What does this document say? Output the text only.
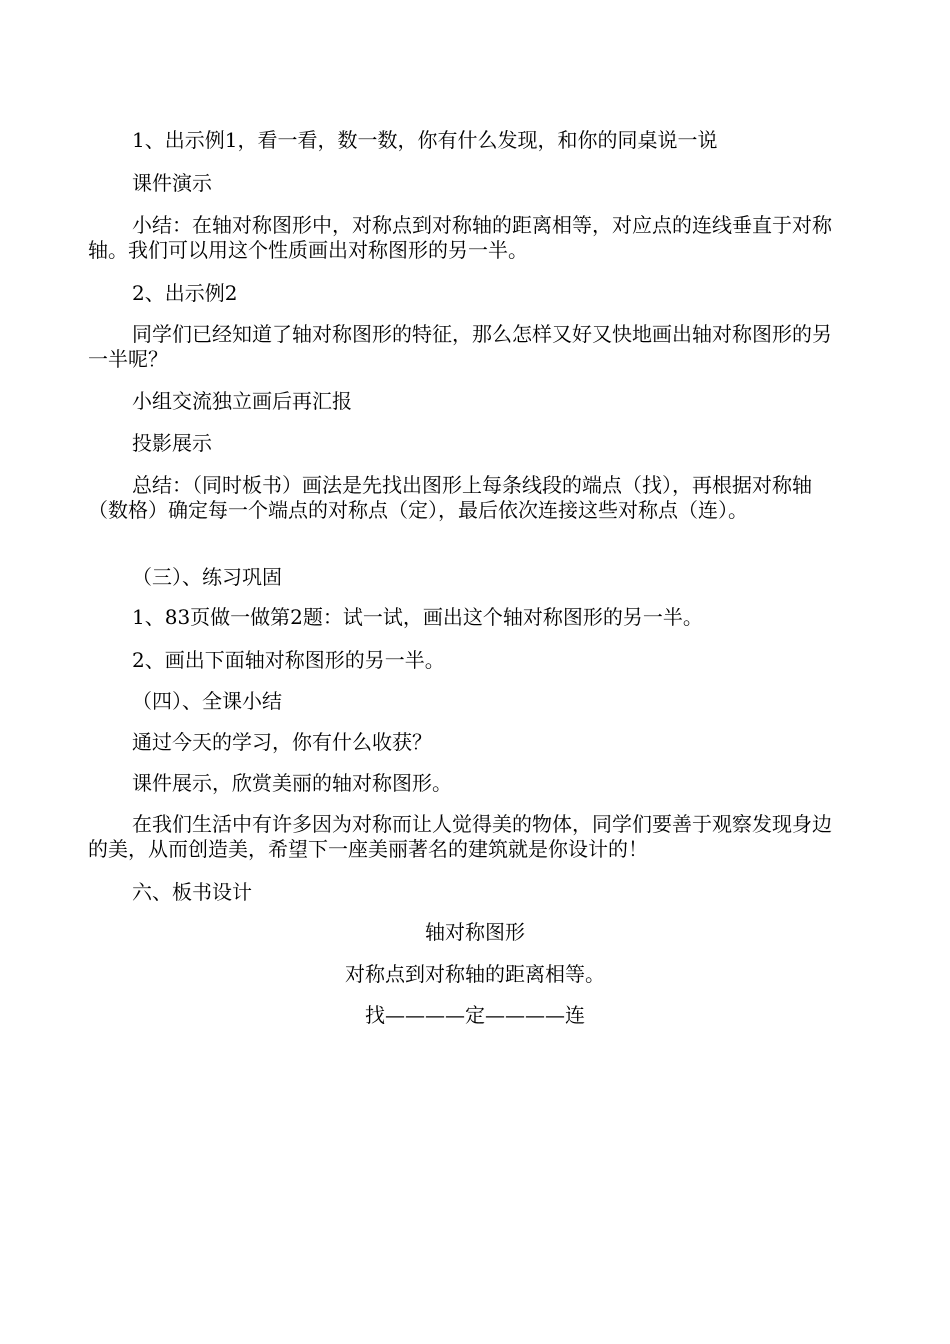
1、出示例1，看一看，数一数，你有什么发现，和你的同桌说一说

课件演示

小结：在轴对称图形中，对称点到对称轴的距离相等，对应点的连线垂直于对称轴。我们可以用这个性质画出对称图形的另一半。

2、出示例2

同学们已经知道了轴对称图形的特征，那么怎样又好又快地画出轴对称图形的另一半呢？

小组交流独立画后再汇报

投影展示

总结：（同时板书）画法是先找出图形上每条线段的端点（找），再根据对称轴（数格）确定每一个端点的对称点（定），最后依次连接这些对称点（连）。

（三）、练习巩固

1、83页做一做第2题：试一试，画出这个轴对称图形的另一半。

2、画出下面轴对称图形的另一半。

（四）、全课小结

通过今天的学习，你有什么收获？

课件展示，欣赏美丽的轴对称图形。

在我们生活中有许多因为对称而让人觉得美的物体，同学们要善于观察发现身边的美，从而创造美，希望下一座美丽著名的建筑就是你设计的！

六、板书设计

轴对称图形

对称点到对称轴的距离相等。

找————定————连
